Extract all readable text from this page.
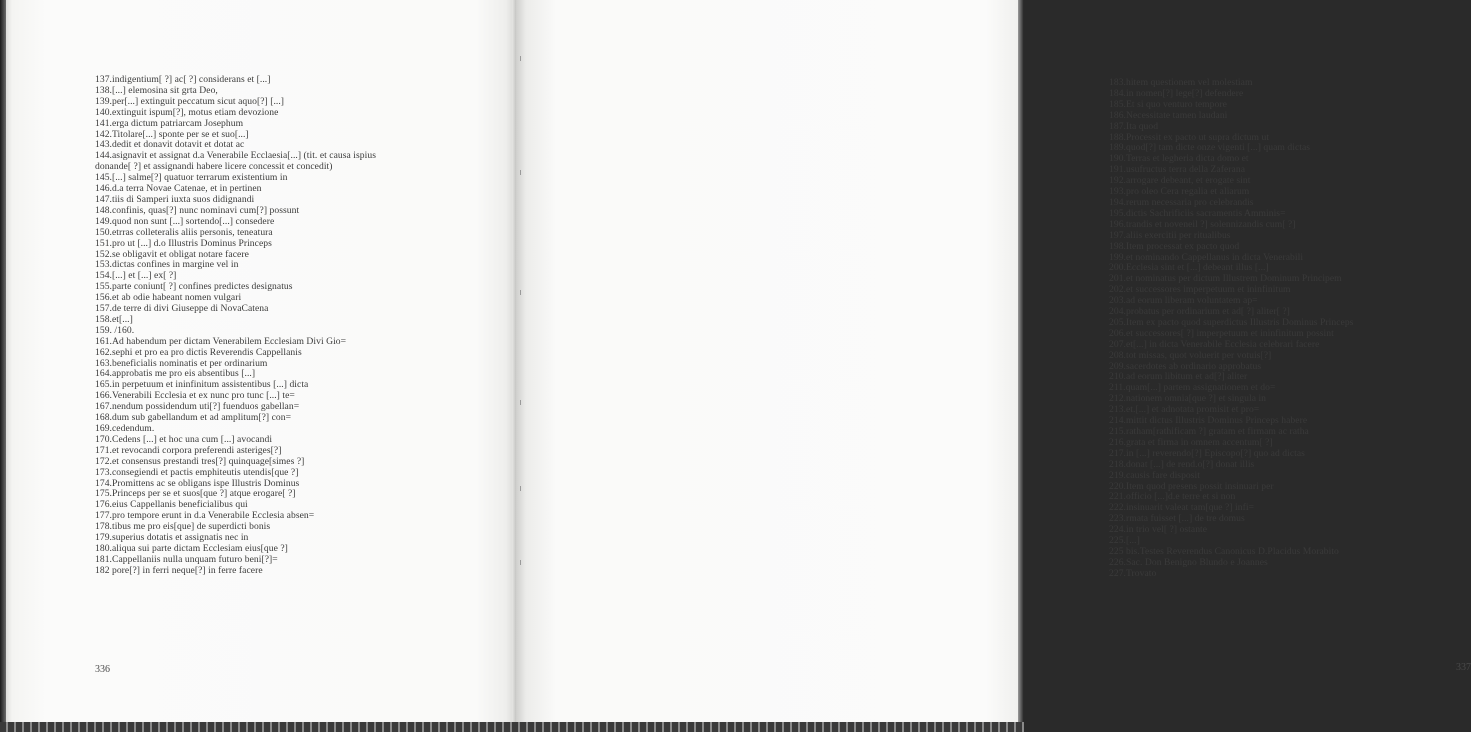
137.indigentium[ ?] ac[ ?] considerans et [...]
138.[...] elemosina sit grta Deo,
139.per[...] extinguit peccatum sicut aquo[?] [...]
140.extinguit ispum[?], motus etiam devozione
141.erga dictum patriarcam Josephum
142.Titolare[...] sponte per se et suo[...]
143.dedit et donavit dotavit et dotat ac
144.asignavit et assignat d.a Venerabile Ecclaesia[...] (tit. et causa ispius
donande[ ?] et assignandi habere licere concessit et concedit)
145.[...] salme[?] quatuor terrarum existentium in
146.d.a terra Novae Catenae, et in pertinen
147.tiis di Samperi iuxta suos didignandi
148.confinis, quas[?] nunc nominavi cum[?] possunt
149.quod non sunt [...] sortendo[...] consedere
150.etrras colleteralis aliis personis, teneatura
151.pro ut [...] d.o Illustris Dominus Princeps
152.se obligavit et obligat notare facere
153.dictas confines in margine vel in
154.[...] et [...] ex[ ?]
155.parte coniunt[ ?] confines predictes designatus
156.et ab odie habeant nomen vulgari
157.de terre di divi Giuseppe di NovaCatena
158.et[...]
159. /160.
161.Ad habendum per dictam Venerabilem Ecclesiam Divi Gio=
162.sephi et pro ea pro dictis Reverendis Cappellanis
163.beneficialis nominatis et per ordinarium
164.approbatis me pro eis absentibus [...]
165.in perpetuum et ininfinitum assistentibus [...] dicta
166.Venerabili Ecclesia et ex nunc pro tunc [...] te=
167.nendum possidendum uti[?] fuenduos gabellan=
168.dum sub gabellandum et ad amplitum[?] con=
169.cedendum.
170.Cedens [...] et hoc una cum [...] avocandi
171.et revocandi corpora preferendi asteriges[?]
172.et consensus prestandi tres[?] quinquage[simes ?]
173.consegiendi et pactis emphiteutis utendis[que ?]
174.Promittens ac se obligans ispe Illustris Dominus
175.Princeps per se et suos[que ?] atque erogare[ ?]
176.eius Cappellanis beneficialibus qui
177.pro tempore erunt in d.a Venerabile Ecclesia absen=
178.tibus me pro eis[que] de superdicti bonis
179.superius dotatis et assignatis nec in
180.aliqua sui parte dictam Ecclesiam eius[que ?]
181.Cappellaniis nulla unquam futuro beni[?]=
182 pore[?] in ferri neque[?] in ferre facere
336
183.hitem questionem vel molestiam
184.in nomen[?] lege[?] defendere
185.Et si quo venturo tempore
186.Necessitate tamen laudani
187.Ita quod
188.Processit ex pacto ut supra dictum ut
189.quod[?] tam dicte onze vigenti [...] quam dictas
190.Terras et legheria dicta domo et
191.usufructus terra della Zaferana
192.arrogare debeant, et erogate sint
193.pro oleo Cera regalia et aliarum
194.rerum necessaria pro celebrandis
195.dictis Sachrificiis sacramentis Amminis=
196.trandis et noveneil ?] solennizandis cum[ ?]
197.aliis exercitii per ritualibus
198.Item processat ex pacto quod
199.et nominando Cappellanus in dicta Venerabili
200.Ecclesia sint et [...] debeant illus [...]
201.et nominatus per dictum Illustrem Dominum Principem
202.et successores imperpetuum et ininfinitum
203.ad eorum liberam voluntatem ap=
204.probatus per ordinarium et ad[ ?] aliter[ ?]
205.Item ex pacto quod superdictus Illustris Dominus Princeps
206.et successores[ ?] imperpetuum et ininfinitum possint
207.et[...] in dicta Venerabile Ecclesia celebrari facere
208.tot missas, quot voluerit per votuis[?]
209.sacerdotes ab ordinario approbatus
210.ad eorum libitum et ad[?] aliter
211.quam[...] partem assignationem et do=
212.nationem omnia[que ?] et singula in
213.et.[...] et adnotata promisit et pro=
214.mittit dictus Illustris Dominus Princeps habere
215.ratham[rathificam ?] gratam et firmam ac ratha
216.grata et firma in omnem accentum[ ?]
217.in [...] reverendo[?] Episcopo[?] quo ad dictas
218.donat [...] de rend.o[?] donat illis
219.causis fare disposit
220.Item quod presens possit insinuari per
221.officio [...]d.e terre et si non
222.insinuarit valeat tam[que ?] infi=
223.rmata fuisset [...] de tre domus
224.in trio vel[ ?] ostante
225.[...]
225 bis.Testes Reverendus Canonicus D.Placidus Morabito
226.Sac. Don Benigno Blundo e Joannes
227.Trovato
337
